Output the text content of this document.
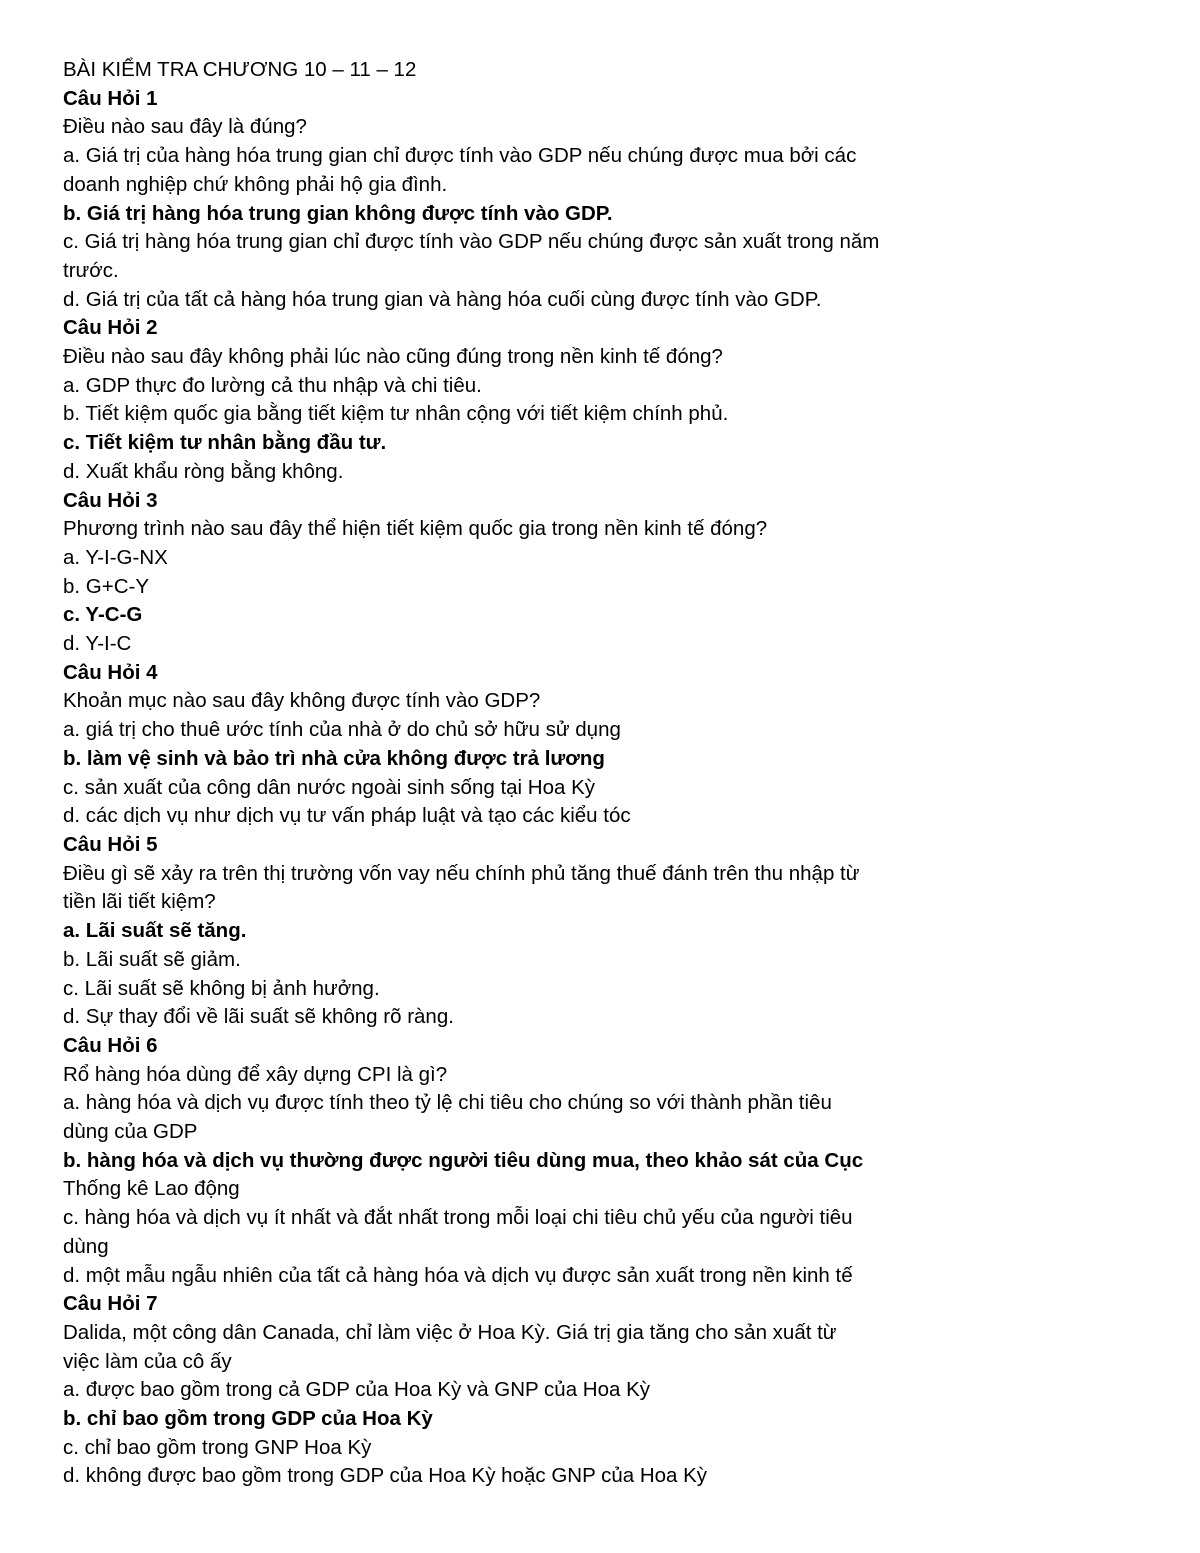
BÀI KIỂM TRA CHƯƠNG 10 – 11 – 12
Câu Hỏi 1
Điều nào sau đây là đúng?
a. Giá trị của hàng hóa trung gian chỉ được tính vào GDP nếu chúng được mua bởi các
doanh nghiệp chứ không phải hộ gia đình.
b. Giá trị hàng hóa trung gian không được tính vào GDP.
c. Giá trị hàng hóa trung gian chỉ được tính vào GDP nếu chúng được sản xuất trong năm
trước.
d. Giá trị của tất cả hàng hóa trung gian và hàng hóa cuối cùng được tính vào GDP.
Câu Hỏi 2
Điều nào sau đây không phải lúc nào cũng đúng trong nền kinh tế đóng?
a. GDP thực đo lường cả thu nhập và chi tiêu.
b. Tiết kiệm quốc gia bằng tiết kiệm tư nhân cộng với tiết kiệm chính phủ.
c. Tiết kiệm tư nhân bằng đầu tư.
d. Xuất khẩu ròng bằng không.
Câu Hỏi 3
Phương trình nào sau đây thể hiện tiết kiệm quốc gia trong nền kinh tế đóng?
a. Y-I-G-NX
b. G+C-Y
c. Y-C-G
d. Y-I-C
Câu Hỏi 4
Khoản mục nào sau đây không được tính vào GDP?
a. giá trị cho thuê ước tính của nhà ở do chủ sở hữu sử dụng
b. làm vệ sinh và bảo trì nhà cửa không được trả lương
c. sản xuất của công dân nước ngoài sinh sống tại Hoa Kỳ
d. các dịch vụ như dịch vụ tư vấn pháp luật và tạo các kiểu tóc
Câu Hỏi 5
Điều gì sẽ xảy ra trên thị trường vốn vay nếu chính phủ tăng thuế đánh trên thu nhập từ
tiền lãi tiết kiệm?
a. Lãi suất sẽ tăng.
b. Lãi suất sẽ giảm.
c. Lãi suất sẽ không bị ảnh hưởng.
d. Sự thay đổi về lãi suất sẽ không rõ ràng.
Câu Hỏi 6
Rổ hàng hóa dùng để xây dựng CPI là gì?
a. hàng hóa và dịch vụ được tính theo tỷ lệ chi tiêu cho chúng so với thành phần tiêu
dùng của GDP
b. hàng hóa và dịch vụ thường được người tiêu dùng mua, theo khảo sát của Cục
Thống kê Lao động
c. hàng hóa và dịch vụ ít nhất và đắt nhất trong mỗi loại chi tiêu chủ yếu của người tiêu
dùng
d. một mẫu ngẫu nhiên của tất cả hàng hóa và dịch vụ được sản xuất trong nền kinh tế
Câu Hỏi 7
Dalida, một công dân Canada, chỉ làm việc ở Hoa Kỳ. Giá trị gia tăng cho sản xuất từ
việc làm của cô ấy
a. được bao gồm trong cả GDP của Hoa Kỳ và GNP của Hoa Kỳ
b. chỉ bao gồm trong GDP của Hoa Kỳ
c. chỉ bao gồm trong GNP Hoa Kỳ
d. không được bao gồm trong GDP của Hoa Kỳ hoặc GNP của Hoa Kỳ
